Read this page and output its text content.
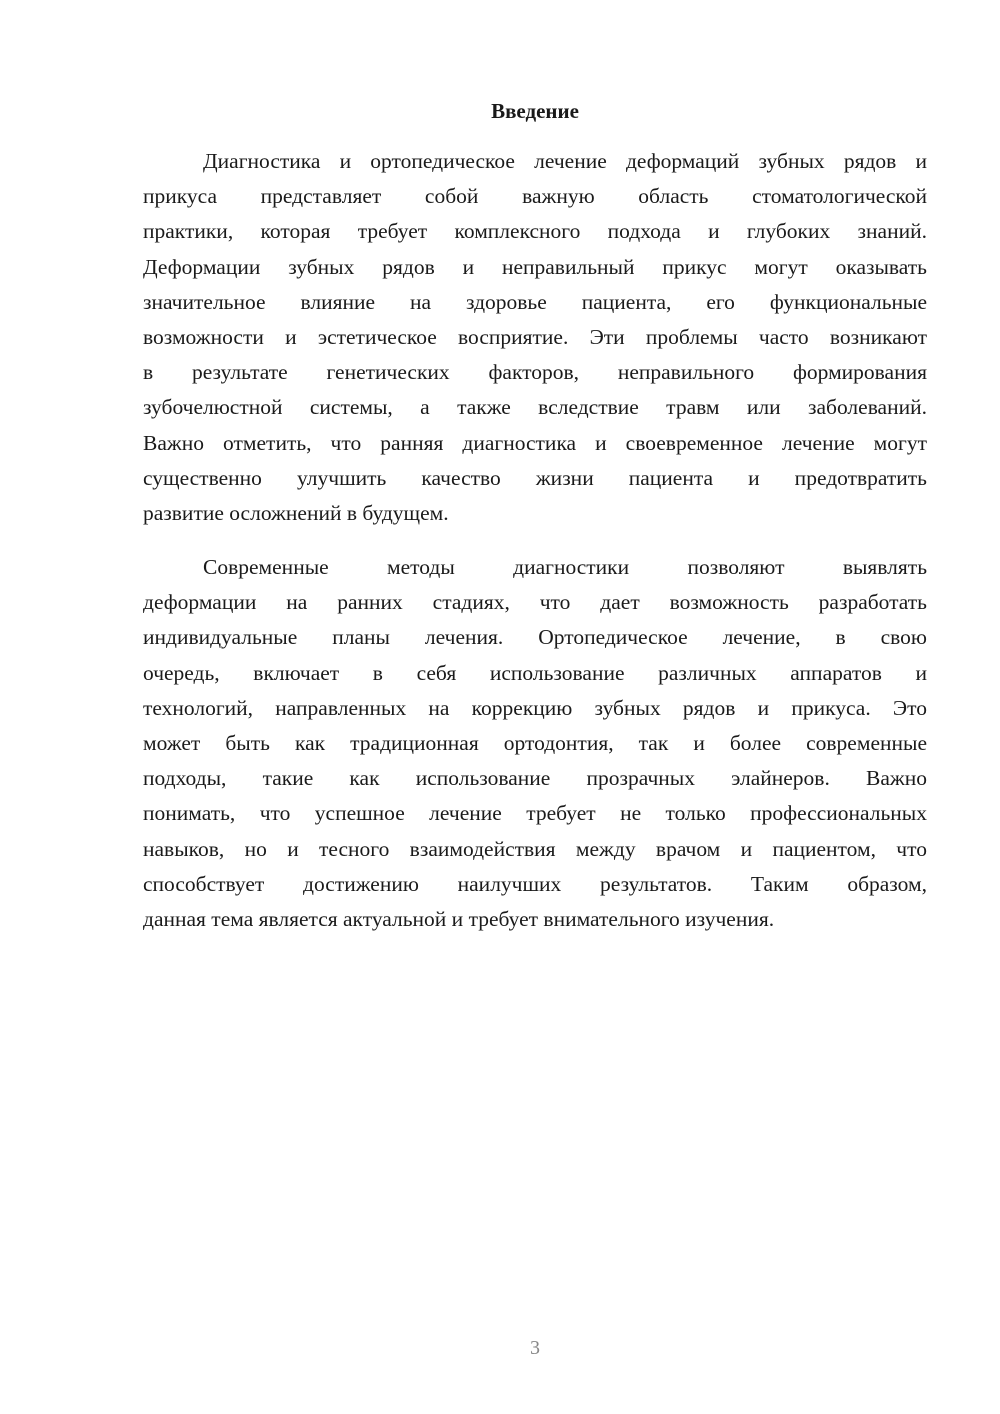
Введение
Диагностика и ортопедическое лечение деформаций зубных рядов и
прикуса представляет собой важную область стоматологической
практики, которая требует комплексного подхода и глубоких знаний.
Деформации зубных рядов и неправильный прикус могут оказывать
значительное влияние на здоровье пациента, его функциональные
возможности и эстетическое восприятие. Эти проблемы часто возникают
в результате генетических факторов, неправильного формирования
зубочелюстной системы, а также вследствие травм или заболеваний.
Важно отметить, что ранняя диагностика и своевременное лечение могут
существенно улучшить качество жизни пациента и предотвратить
развитие осложнений в будущем.
Современные методы диагностики позволяют выявлять
деформации на ранних стадиях, что дает возможность разработать
индивидуальные планы лечения. Ортопедическое лечение, в свою
очередь, включает в себя использование различных аппаратов и
технологий, направленных на коррекцию зубных рядов и прикуса. Это
может быть как традиционная ортодонтия, так и более современные
подходы, такие как использование прозрачных элайнеров. Важно
понимать, что успешное лечение требует не только профессиональных
навыков, но и тесного взаимодействия между врачом и пациентом, что
способствует достижению наилучших результатов. Таким образом,
данная тема является актуальной и требует внимательного изучения.
3
